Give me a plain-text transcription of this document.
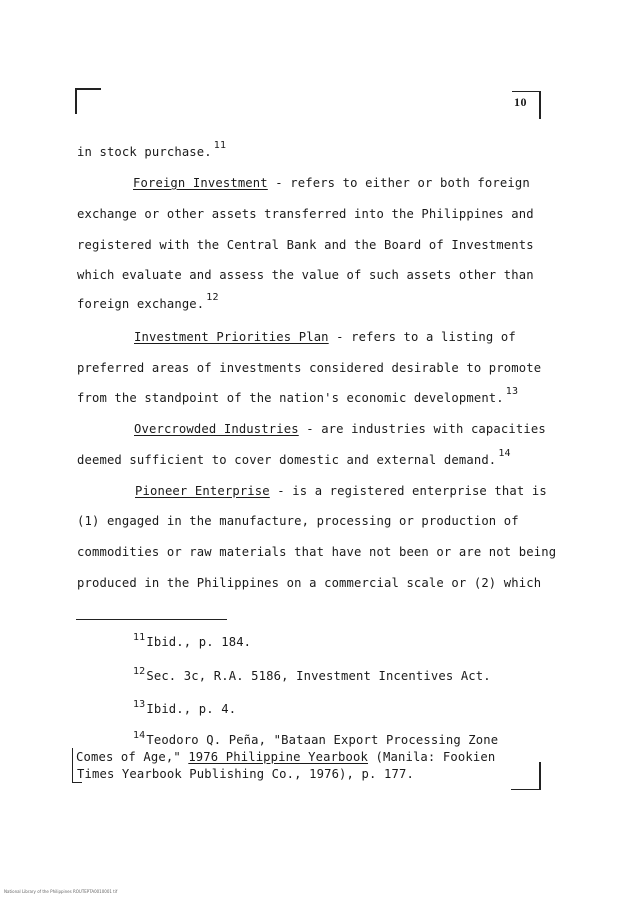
10
in stock purchase. $^{11}$
Foreign Investment - refers to either or both foreign
exchange or other assets transferred into the Philippines and
registered with the Central Bank and the Board of Investments
which evaluate and assess the value of such assets other than
foreign exchange. $^{12}$
Investment Priorities Plan - refers to a listing of
preferred areas of investments considered desirable to promote
from the standpoint of the nation's economic development. $^{13}$
Overcrowded Industries - are industries with capacities
deemed sufficient to cover domestic and external demand. $^{14}$
Pioneer Enterprise - is a registered enterprise that is
(1) engaged in the manufacture, processing or production of
commodities or raw materials that have not been or are not being
produced in the Philippines on a commercial scale or (2) which
$^{11}$Ibid., p. 184.
$^{12}$Sec. 3c, R.A. 5186, Investment Incentives Act.
$^{13}$Ibid., p. 4.
$^{14}$Teodoro Q. Peña, "Bataan Export Processing Zone
Comes of Age," 1976 Philippine Yearbook (Manila: Fookien
Times Yearbook Publishing Co., 1976), p. 177.
National Library of the Philippines ROUTEPTA0010001 tif
